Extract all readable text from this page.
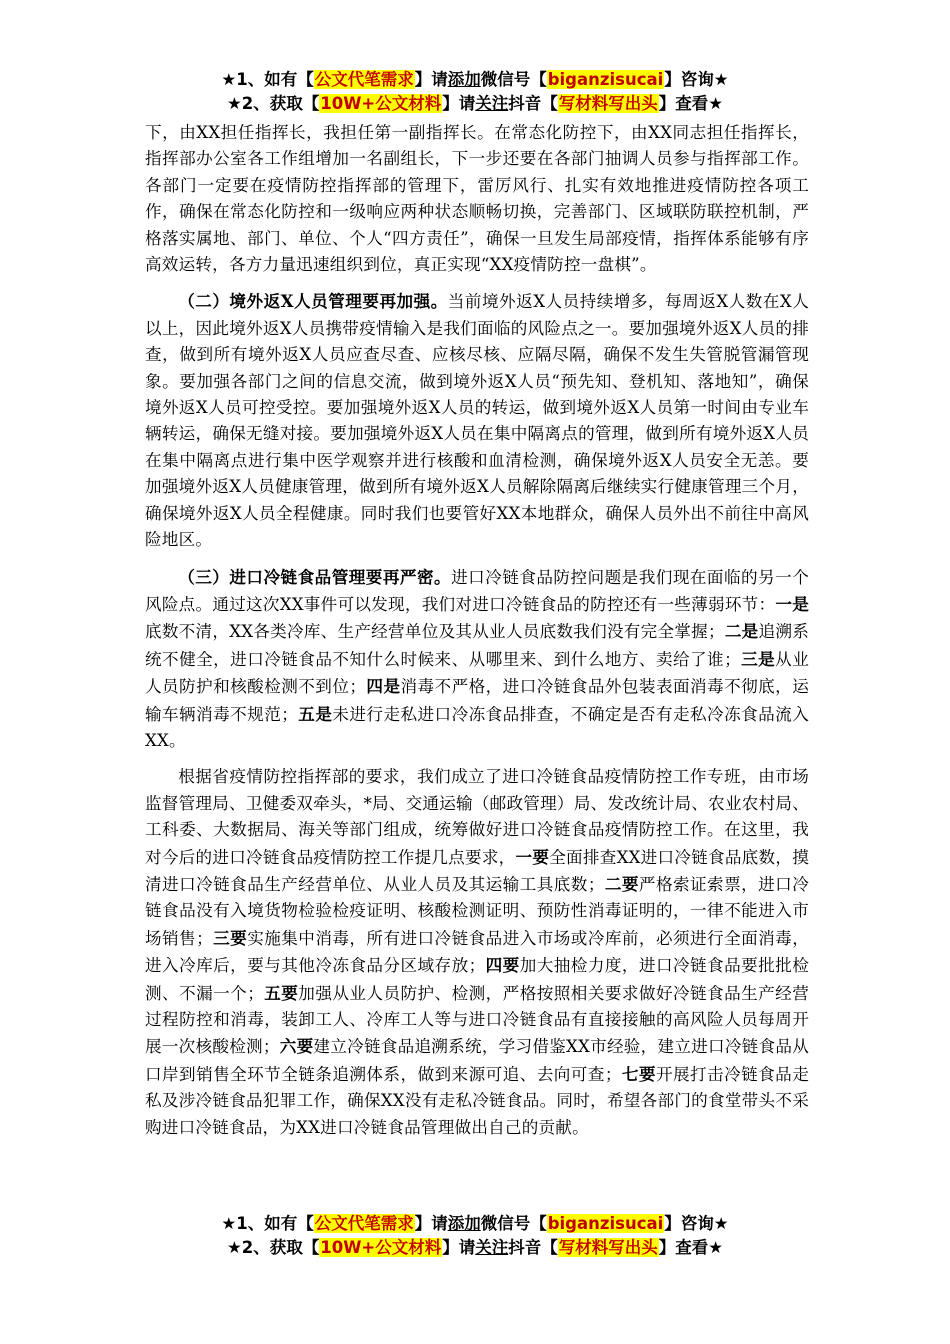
★1、如有【公文代笔需求】请添加微信号【biganzisucai】咨询★
★2、获取【10W+公文材料】请关注抖音【写材料写出头】查看★

下，由XX担任指挥长，我担任第一副指挥长。在常态化防控下，由XX同志担任指挥长，指挥部办公室各工作组增加一名副组长，下一步还要在各部门抽调人员参与指挥部工作。各部门一定要在疫情防控指挥部的管理下，雷厉风行、扎实有效地推进疫情防控各项工作，确保在常态化防控和一级响应两种状态顺畅切换，完善部门、区域联防联控机制，严格落实属地、部门、单位、个人“四方责任”，确保一旦发生局部疫情，指挥体系能够有序高效运转，各方力量迅速组织到位，真正实现“XX疫情防控一盘棋”。

（二）境外返X人员管理要再加强。当前境外返X人员持续增多，每周返X人数在X人以上，因此境外返X人员携带疫情输入是我们面临的风险点之一。要加强境外返X人员的排查，做到所有境外返X人员应查尽查、应核尽核、应隔尽隔，确保不发生失管脱管漏管现象。要加强各部门之间的信息交流，做到境外返X人员“预先知、登机知、落地知”，确保境外返X人员可控受控。要加强境外返X人员的转运，做到境外返X人员第一时间由专业车辆转运，确保无缝对接。要加强境外返X人员在集中隔离点的管理，做到所有境外返X人员在集中隔离点进行集中医学观察并进行核酸和血清检测，确保境外返X人员安全无恙。要加强境外返X人员健康管理，做到所有境外返X人员解除隔离后继续实行健康管理三个月，确保境外返X人员全程健康。同时我们也要管好XX本地群众，确保人员外出不前往中高风险地区。

（三）进口冷链食品管理要再严密。进口冷链食品防控问题是我们现在面临的另一个风险点。通过这次XX事件可以发现，我们对进口冷链食品的防控还有一些薄弱环节：一是底数不清，XX各类冷库、生产经营单位及其从业人员底数我们没有完全掌握；二是追溯系统不健全，进口冷链食品不知什么时候来、从哪里来、到什么地方、卖给了谁；三是从业人员防护和核酸检测不到位；四是消毒不严格，进口冷链食品外包装表面消毒不彻底，运输车辆消毒不规范；五是未进行走私进口冷冻食品排查，不确定是否有走私冷冻食品流入XX。

根据省疫情防控指挥部的要求，我们成立了进口冷链食品疫情防控工作专班，由市场监督管理局、卫健委双牵头，*局、交通运输（邮政管理）局、发改统计局、农业农村局、工科委、大数据局、海关等部门组成，统筹做好进口冷链食品疫情防控工作。在这里，我对今后的进口冷链食品疫情防控工作提几点要求，一要全面排查XX进口冷链食品底数，摸清进口冷链食品生产经营单位、从业人员及其运输工具底数；二要严格索证索票，进口冷链食品没有入境货物检验检疫证明、核酸检测证明、预防性消毒证明的，一律不能进入市场销售；三要实施集中消毒，所有进口冷链食品进入市场或冷库前，必须进行全面消毒，进入冷库后，要与其他冷冻食品分区域存放；四要加大抽检力度，进口冷链食品要批批检测、不漏一个；五要加强从业人员防护、检测，严格按照相关要求做好冷链食品生产经营过程防控和消毒，装卸工人、冷库工人等与进口冷链食品有直接接触的高风险人员每周开展一次核酸检测；六要建立冷链食品追溯系统，学习借鉴XX市经验，建立进口冷链食品从口岸到销售全环节全链条追溯体系，做到来源可追、去向可查；七要开展打击冷链食品走私及涉冷链食品犯罪工作，确保XX没有走私冷链食品。同时，希望各部门的食堂带头不采购进口冷链食品，为XX进口冷链食品管理做出自己的贡献。

★1、如有【公文代笔需求】请添加微信号【biganzisucai】咨询★
★2、获取【10W+公文材料】请关注抖音【写材料写出头】查看★
